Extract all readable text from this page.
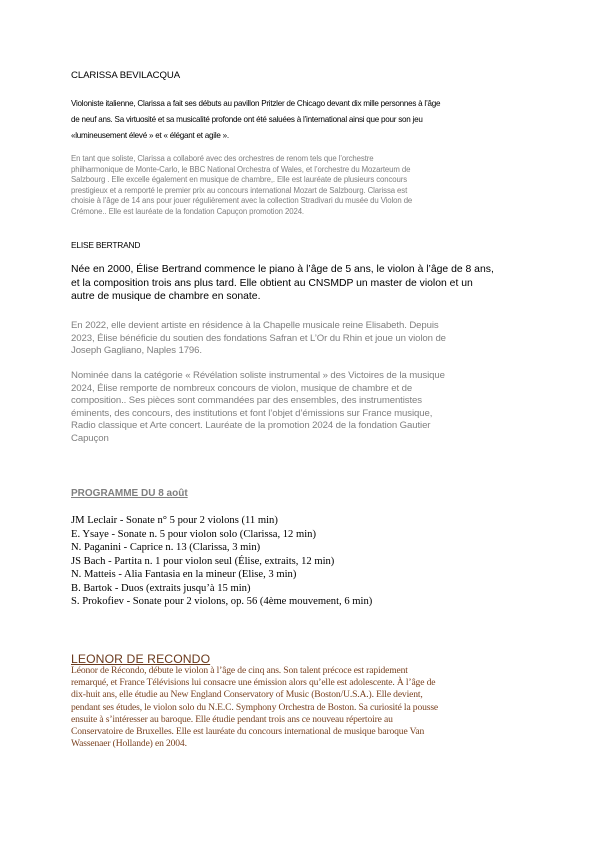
CLARISSA BEVILACQUA

Violoniste italienne, Clarissa a fait ses débuts au pavillon Pritzler de Chicago devant dix mille personnes à l’âge
de neuf ans. Sa virtuosité et sa musicalité profonde ont été saluées à l’international ainsi que pour son jeu
«lumineusement élevé » et « élégant et agile ».

En tant que soliste, Clarissa a collaboré avec des orchestres de renom tels que l’orchestre
philharmonique de Monte-Carlo, le BBC National Orchestra of Wales, et l’orchestre du Mozarteum de
Salzbourg . Elle excelle également en musique de chambre,. Elle est lauréate de plusieurs concours
prestigieux et a remporté le premier prix au concours international Mozart de Salzbourg. Clarissa est
choisie à l’âge de 14 ans pour jouer régulièrement avec la collection Stradivari du musée du Violon de
Crémone.. Elle est lauréate de la fondation Capuçon promotion 2024.

ELISE BERTRAND

Née en 2000, Élise Bertrand commence le piano à l’âge de 5 ans, le violon à l’âge de 8 ans,
et la composition trois ans plus tard. Elle obtient au CNSMDP un master de violon et un
autre de musique de chambre en sonate.

En 2022, elle devient artiste en résidence à la Chapelle musicale reine Elisabeth. Depuis
2023, Élise bénéficie du soutien des fondations Safran et L’Or du Rhin et joue un violon de
Joseph Gagliano, Naples 1796.

Nominée dans la catégorie « Révélation soliste instrumental » des Victoires de la musique
2024, Élise remporte de nombreux concours de violon, musique de chambre et de
composition.. Ses pièces sont commandées par des ensembles, des instrumentistes
éminents, des concours, des institutions et font l’objet d’émissions sur France musique,
Radio classique et Arte concert. Lauréate de la promotion 2024 de la fondation Gautier
Capuçon

PROGRAMME DU 8 août
JM Leclair - Sonate n° 5 pour 2 violons (11 min)
E. Ysaye - Sonate n. 5 pour violon solo (Clarissa, 12 min)
N. Paganini - Caprice n. 13 (Clarissa, 3 min)
JS Bach - Partita n. 1 pour violon seul (Élise, extraits, 12 min)
N. Matteis - Alia Fantasia en la mineur (Elise, 3 min)
B. Bartok - Duos (extraits jusqu’à 15 min)
S. Prokofiev - Sonate pour 2 violons, op. 56 (4ème mouvement, 6 min)
LEONOR DE RECONDO

Léonor de Récondo, débute le violon à l’âge de cinq ans. Son talent précoce est rapidement
remarqué, et France Télévisions lui consacre une émission alors qu’elle est adolescente. À l’âge de
dix-huit ans, elle étudie au New England Conservatory of Music (Boston/U.S.A.). Elle devient,
pendant ses études, le violon solo du N.E.C. Symphony Orchestra de Boston. Sa curiosité la pousse
ensuite à s’intéresser au baroque. Elle étudie pendant trois ans ce nouveau répertoire au
Conservatoire de Bruxelles. Elle est lauréate du concours international de musique baroque Van
Wassenaer (Hollande) en 2004.
